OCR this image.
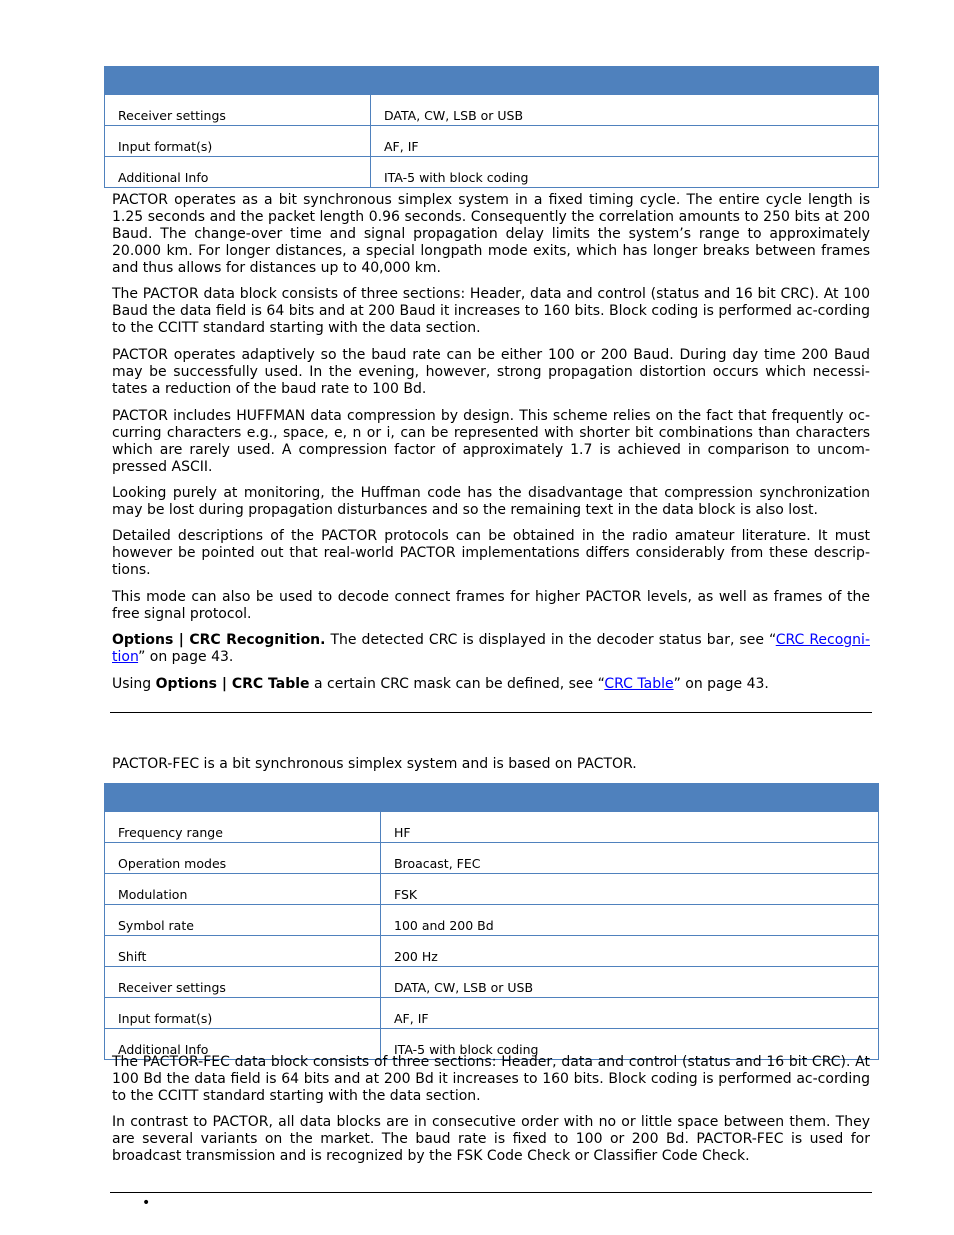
Receiver settings	DATA, CW, LSB or USB
Input format(s)	AF, IF
Additional Info	ITA-5 with block coding

PACTOR operates as a bit synchronous simplex system in a fixed timing cycle. The entire cycle length is 1.25 seconds and the packet length 0.96 seconds. Consequently the correlation amounts to 250 bits at 200 Baud. The change-over time and signal propagation delay limits the system’s range to approximately 20.000 km. For longer distances, a special longpath mode exits, which has longer breaks between frames and thus allows for distances up to 40,000 km.

The PACTOR data block consists of three sections: Header, data and control (status and 16 bit CRC). At 100 Baud the data field is 64 bits and at 200 Baud it increases to 160 bits. Block coding is performed ac-cording to the CCITT standard starting with the data section.

PACTOR operates adaptively so the baud rate can be either 100 or 200 Baud. During day time 200 Baud may be successfully used. In the evening, however, strong propagation distortion occurs which necessi-tates a reduction of the baud rate to 100 Bd.

PACTOR includes HUFFMAN data compression by design. This scheme relies on the fact that frequently oc-curring characters e.g., space, e, n or i, can be represented with shorter bit combinations than characters which are rarely used. A compression factor of approximately 1.7 is achieved in comparison to uncom-pressed ASCII.

Looking purely at monitoring, the Huffman code has the disadvantage that compression synchronization may be lost during propagation disturbances and so the remaining text in the data block is also lost.

Detailed descriptions of the PACTOR protocols can be obtained in the radio amateur literature. It must however be pointed out that real-world PACTOR implementations differs considerably from these descrip-tions.

This mode can also be used to decode connect frames for higher PACTOR levels, as well as frames of the free signal protocol.

Options | CRC Recognition. The detected CRC is displayed in the decoder status bar, see “CRC Recogni-tion” on page 43.

Using Options | CRC Table a certain CRC mask can be defined, see “CRC Table” on page 43.

PACTOR-FEC is a bit synchronous simplex system and is based on PACTOR.

Frequency range	HF
Operation modes	Broacast, FEC
Modulation	FSK
Symbol rate	100 and 200 Bd
Shift	200 Hz
Receiver settings	DATA, CW, LSB or USB
Input format(s)	AF, IF
Additional Info	ITA-5 with block coding

The PACTOR-FEC data block consists of three sections: Header, data and control (status and 16 bit CRC). At 100 Bd the data field is 64 bits and at 200 Bd it increases to 160 bits. Block coding is performed ac-cording to the CCITT standard starting with the data section.

In contrast to PACTOR, all data blocks are in consecutive order with no or little space between them. They are several variants on the market. The baud rate is fixed to 100 or 200 Bd. PACTOR-FEC is used for broadcast transmission and is recognized by the FSK Code Check or Classifier Code Check.

•
